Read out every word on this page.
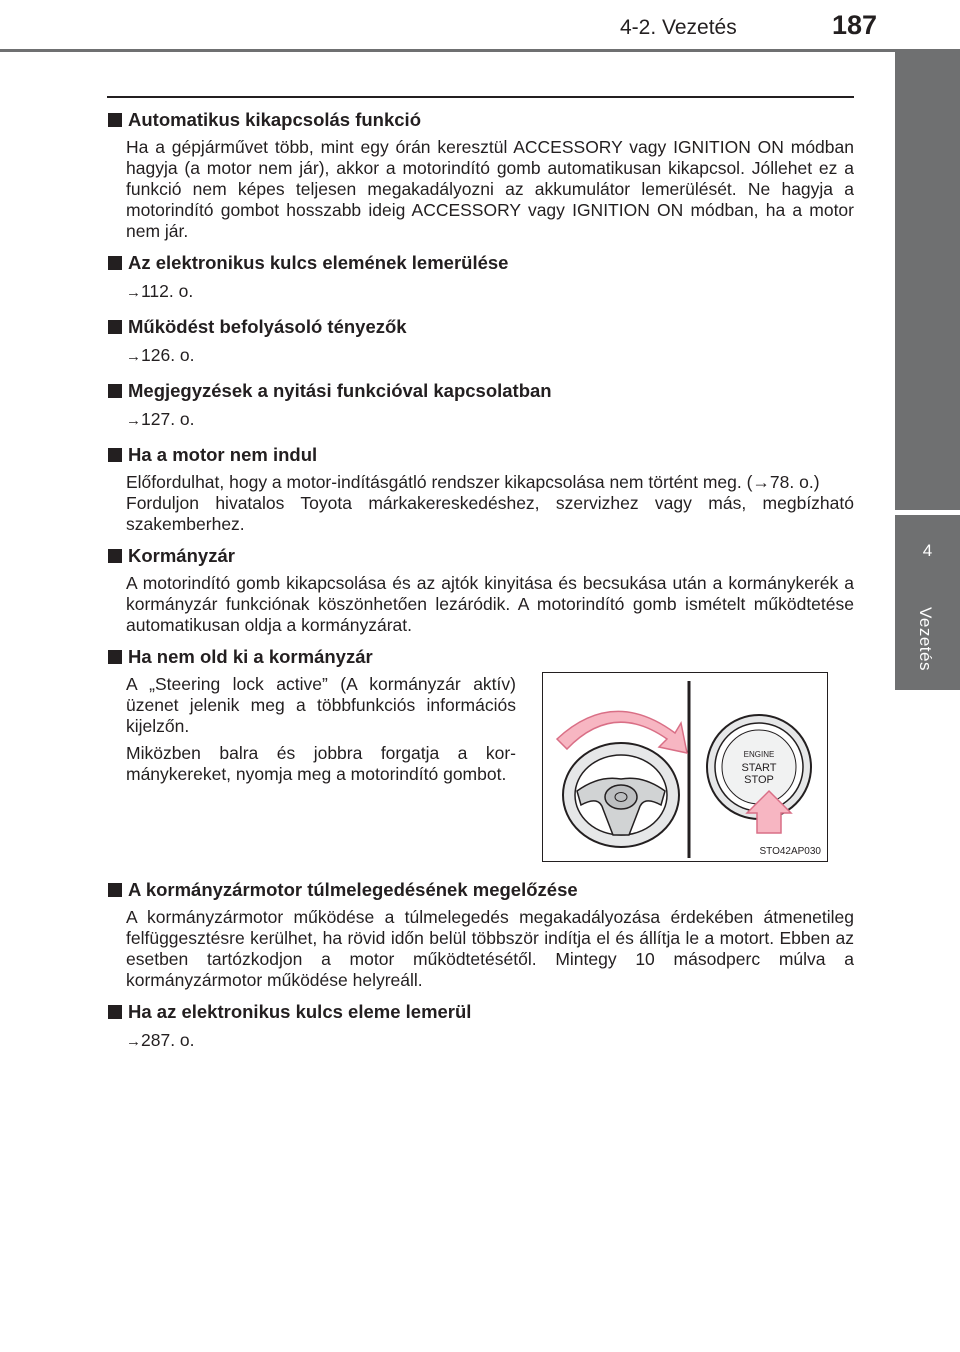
4-2. Vezetés	187
4
Vezetés
Automatikus kikapcsolás funkció

Ha a gépjárművet több, mint egy órán keresztül ACCESSORY vagy IGNITION ON módban hagyja (a motor nem jár), akkor a motorindító gomb automatikusan kikapcsol. Jóllehet ez a funkció nem képes teljesen megakadályozni az akkumulátor lemerülését. Ne hagyja a motorindító gombot hosszabb ideig ACCESSORY vagy IGNITION ON módban, ha a motor nem jár.

Az elektronikus kulcs elemének lemerülése
→112. o.
Működést befolyásoló tényezők
→126. o.
Megjegyzések a nyitási funkcióval kapcsolatban
→127. o.
Ha a motor nem indul

Előfordulhat, hogy a motor-indításgátló rendszer kikapcsolása nem történt meg. (→78. o.)

Forduljon hivatalos Toyota márkakereskedéshez, szervizhez vagy más, megbízható szakemberhez.

Kormányzár

A motorindító gomb kikapcsolása és az ajtók kinyitása és becsukása után a kormánykerék a kormányzár funkciónak köszönhetően lezáródik. A motorindító gomb ismételt működtetése automatikusan oldja a kormányzárat.

Ha nem old ki a kormányzár

A „Steering lock active” (A kormányzár aktív) üzenet jelenik meg a többfunkciós információs kijelzőn.

Miközben balra és jobbra forgatja a kormánykereket, nyomja meg a motorindító gombot.

ENGINE
START
STOP
STO42AP030
A kormányzármotor túlmelegedésének megelőzése

A kormányzármotor működése a túlmelegedés megakadályozása érdekében átmenetileg felfüggesztésre kerülhet, ha rövid időn belül többször indítja el és állítja le a motort. Ebben az esetben tartózkodjon a motor működtetésétől. Mintegy 10 másodperc múlva a kormányzármotor működése helyreáll.

Ha az elektronikus kulcs eleme lemerül
→287. o.
